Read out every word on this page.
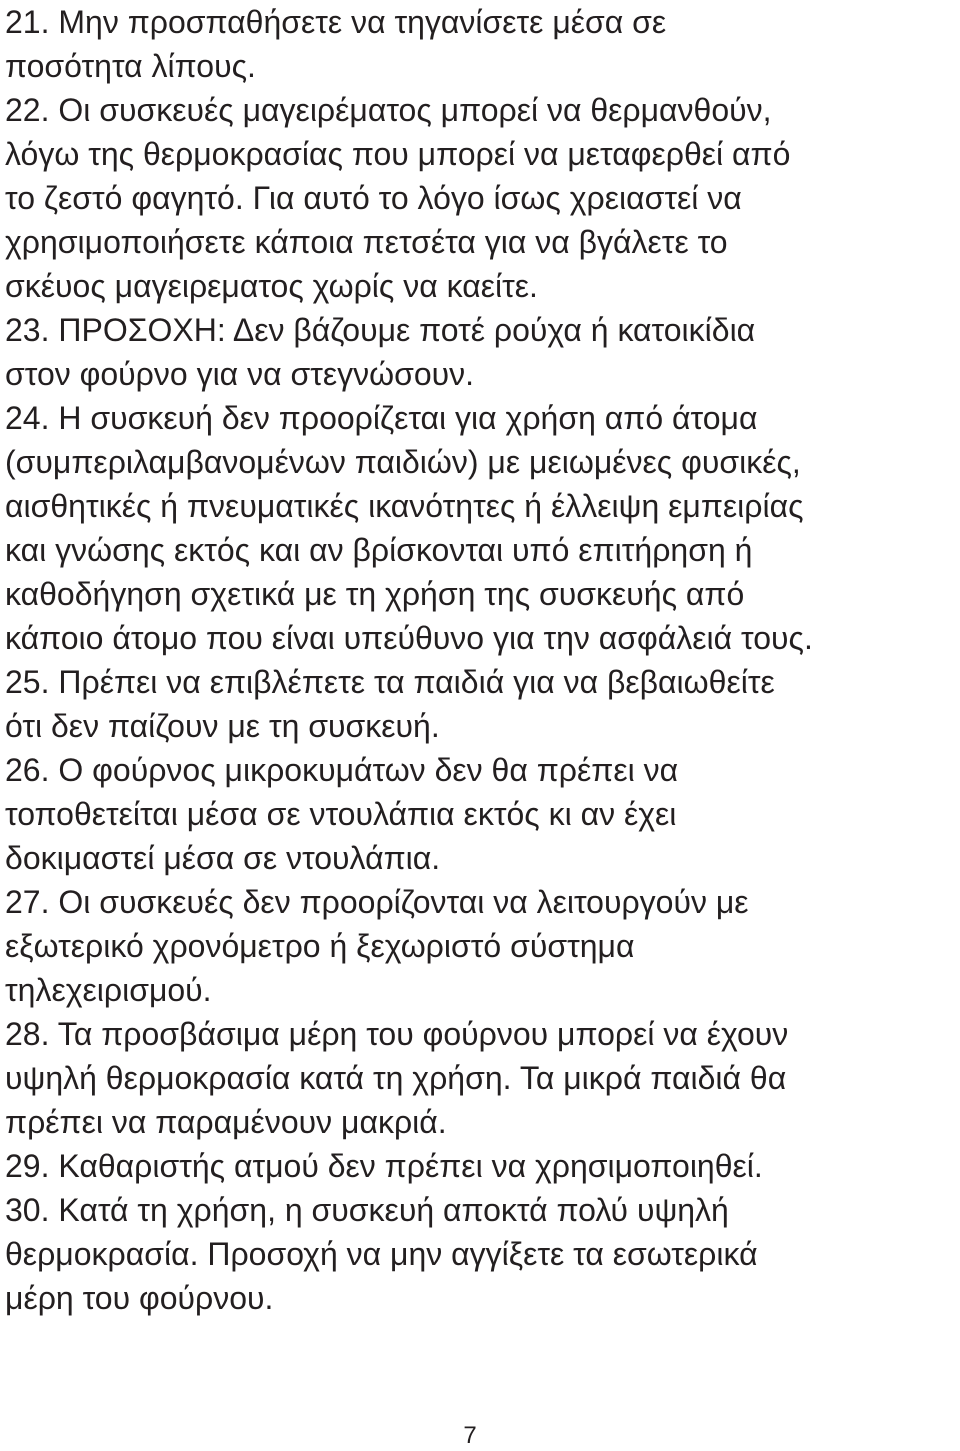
21. Μην προσπαθήσετε να τηγανίσετε μέσα σε
ποσότητα λίπους.
22. Οι συσκευές μαγειρέματος μπορεί να θερμανθούν,
λόγω της θερμοκρασίας που μπορεί να μεταφερθεί από
το ζεστό φαγητό. Για αυτό το λόγο ίσως χρειαστεί να
χρησιμοποιήσετε κάποια πετσέτα για να βγάλετε το
σκέυος μαγειρεματος χωρίς να καείτε.
23. ΠΡΟΣΟΧΗ: Δεν βάζουμε ποτέ ρούχα ή κατοικίδια
στον φούρνο για να στεγνώσουν.
24. Η συσκευή δεν προορίζεται για χρήση από άτομα
(συμπεριλαμβανομένων παιδιών) με μειωμένες φυσικές,
αισθητικές ή πνευματικές ικανότητες ή έλλειψη εμπειρίας
και γνώσης εκτός και αν βρίσκονται υπό επιτήρηση ή
καθοδήγηση σχετικά με τη χρήση της συσκευής από
κάποιο άτομο που είναι υπεύθυνο για την ασφάλειά τους.
25. Πρέπει να επιβλέπετε τα παιδιά για να βεβαιωθείτε
ότι δεν παίζουν με τη συσκευή.
26. Ο φούρνος μικροκυμάτων δεν θα πρέπει να
τοποθετείται μέσα σε ντουλάπια εκτός κι αν έχει
δοκιμαστεί μέσα σε ντουλάπια.
27. Οι συσκευές δεν προορίζονται να λειτουργούν με
εξωτερικό χρονόμετρο ή ξεχωριστό σύστημα
τηλεχειρισμού.
28. Τα προσβάσιμα μέρη του φούρνου μπορεί να έχουν
υψηλή θερμοκρασία κατά τη χρήση. Τα μικρά παιδιά θα
πρέπει να παραμένουν μακριά.
29. Καθαριστής ατμού δεν πρέπει να χρησιμοποιηθεί.
30. Κατά τη χρήση, η συσκευή αποκτά πολύ υψηλή
θερμοκρασία. Προσοχή να μην αγγίξετε τα εσωτερικά
μέρη του φούρνου.
7
